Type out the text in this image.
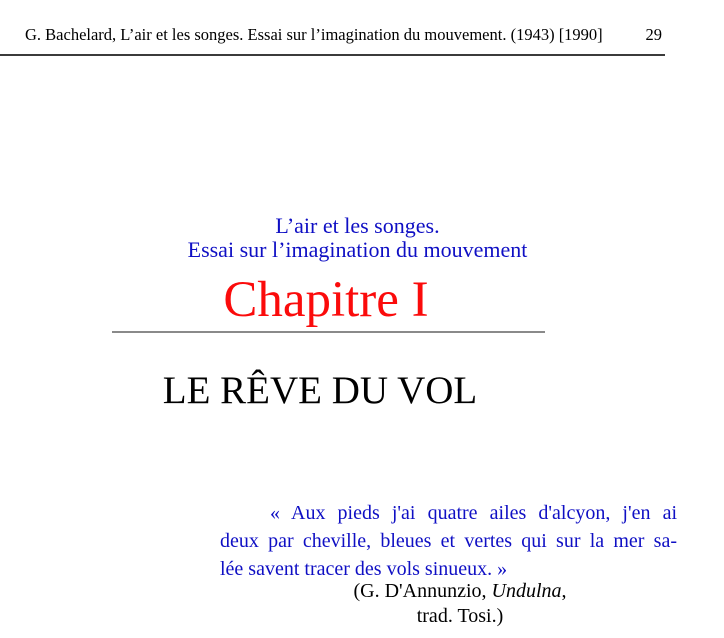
G. Bachelard, L’air et les songes. Essai sur l’imagination du mouvement. (1943) [1990]	29
L’air et les songes.
Essai sur l’imagination du mouvement
Chapitre I
LE RÊVE DU VOL
« Aux pieds j'ai quatre ailes d'alcyon, j'en ai
deux par cheville, bleues et vertes qui sur la mer sa-
lée savent tracer des vols sinueux. »
(G. D'Annunzio, Undulna,
trad. Tosi.)
